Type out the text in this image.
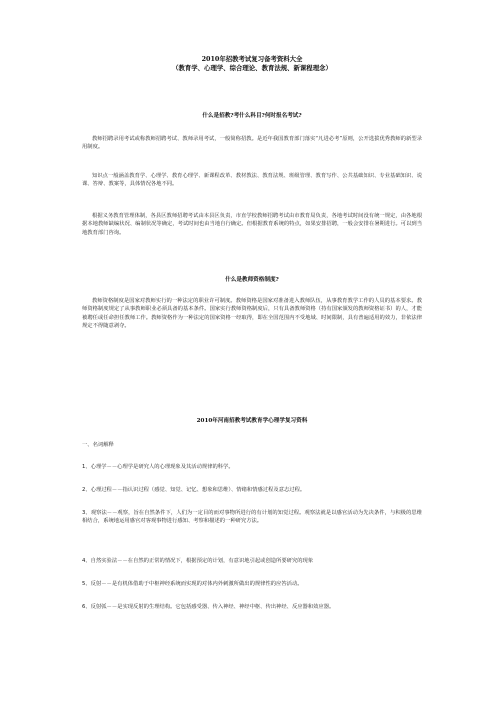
2010年招教考试复习备考资料大全
（教育学、心理学、综合理论、教育法规、新课程理念）
什么是招教?考什么科目?何时报名考试?

教师招聘录用考试或称教师招聘考试、教师录用考试，一般简称招教。是近年我国教育部门落实“凡进必考”原则，公开选拔优秀教师的新型录用制度。

知识点一般涵盖教育学、心理学、教育心理学、新课程改革、教材教法、教育法规、班级管理、教育写作、公共基础知识、专业基础知识、说课、答辩、教案等，具体情况各地不同。

根据义务教育管理体制，各县区教师招聘考试由本县区负责，市直学校教师招聘考试由市教育局负责，各地考试时间没有统一规定，由各地根据本地教师缺编状况、编制状况等确定，考试时间也由当地自行确定。但根据教育系统的特点，如果安排招聘，一般会安排在暑期进行。可以到当地教育部门咨询。

什么是教师资格制度?

教师资格制度是国家对教师实行的一种法定的职业许可制度。教师资格是国家对准备进入教师队伍，从事教育教学工作的人员的基本要求。教师资格制度规定了从事教师职业必须具备的基本条件。国家实行教师资格制度后，只有具备教师资格（持有国家颁发的教师资格证书）的人，才能被聘任或任命担任教师工作。教师资格作为一种法定的国家资格一经取得，即在全国范围内不受地域、时间限制，具有普遍适用的效力，非依法律规定不得随意剥夺。

2010年河南招教考试教育学心理学复习资料

一、名词解释

1、心理学－－心理学是研究人的心理现象及其活动规律的科学。

2、心理过程－－指认识过程（感觉、知觉、记忆、想象和思维）、情绪和情感过程及意志过程。

3、观察法－－观察，旨在自然条件下，人们为一定目的而对事物所进行的有计划的知觉过程。观察法就是以感官活动为先决条件，与积极的思维相结合，系统地运用感官对客观事物进行感知、考察和描述的一种研究方法。

4、自然实验法－－在自然的正常的情况下，根据预定的计划，有意识地引起或创造所要研究的现象

5、反射－－是有机体借助于中枢神经系统而实现的对体内外刺激所做出的规律性的应答活动。

6、反射弧－－是实现反射的生理结构。它包括感受器、传入神经、神经中枢、传出神经、反应器和效应器。
